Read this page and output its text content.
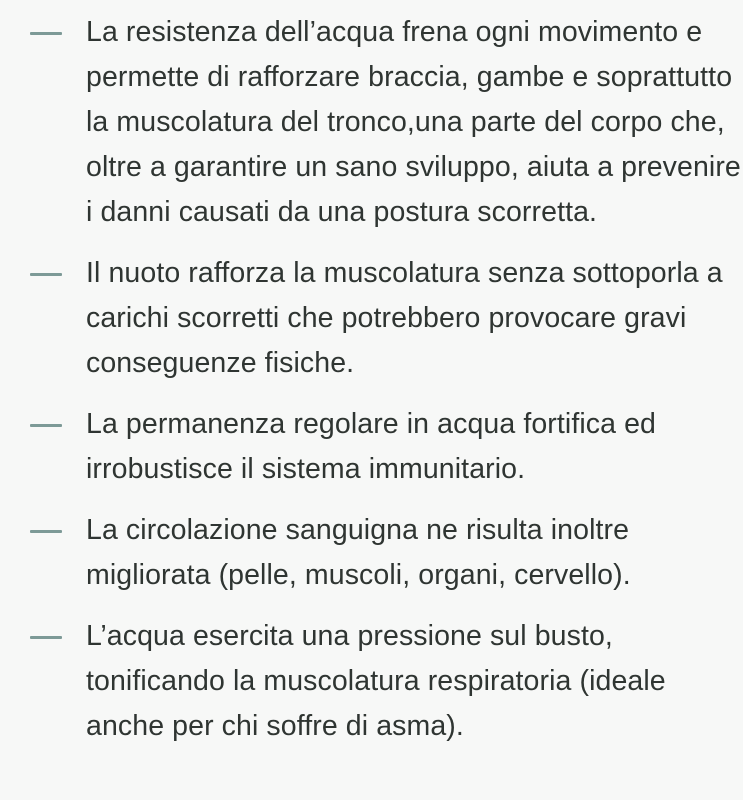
La resistenza dell’acqua frena ogni movimento e permette di rafforzare braccia, gambe e soprattutto la muscolatura del tronco,una parte del corpo che, oltre a garantire un sano sviluppo, aiuta a prevenire i danni causati da una postura scorretta.
Il nuoto rafforza la muscolatura senza sottoporla a carichi scorretti che potrebbero provocare gravi conseguenze fisiche.
La permanenza regolare in acqua fortifica ed irrobustisce il sistema immunitario.
La circolazione sanguigna ne risulta inoltre migliorata (pelle, muscoli, organi, cervello).
L’acqua esercita una pressione sul busto, tonificando la muscolatura respiratoria (ideale anche per chi soffre di asma).
